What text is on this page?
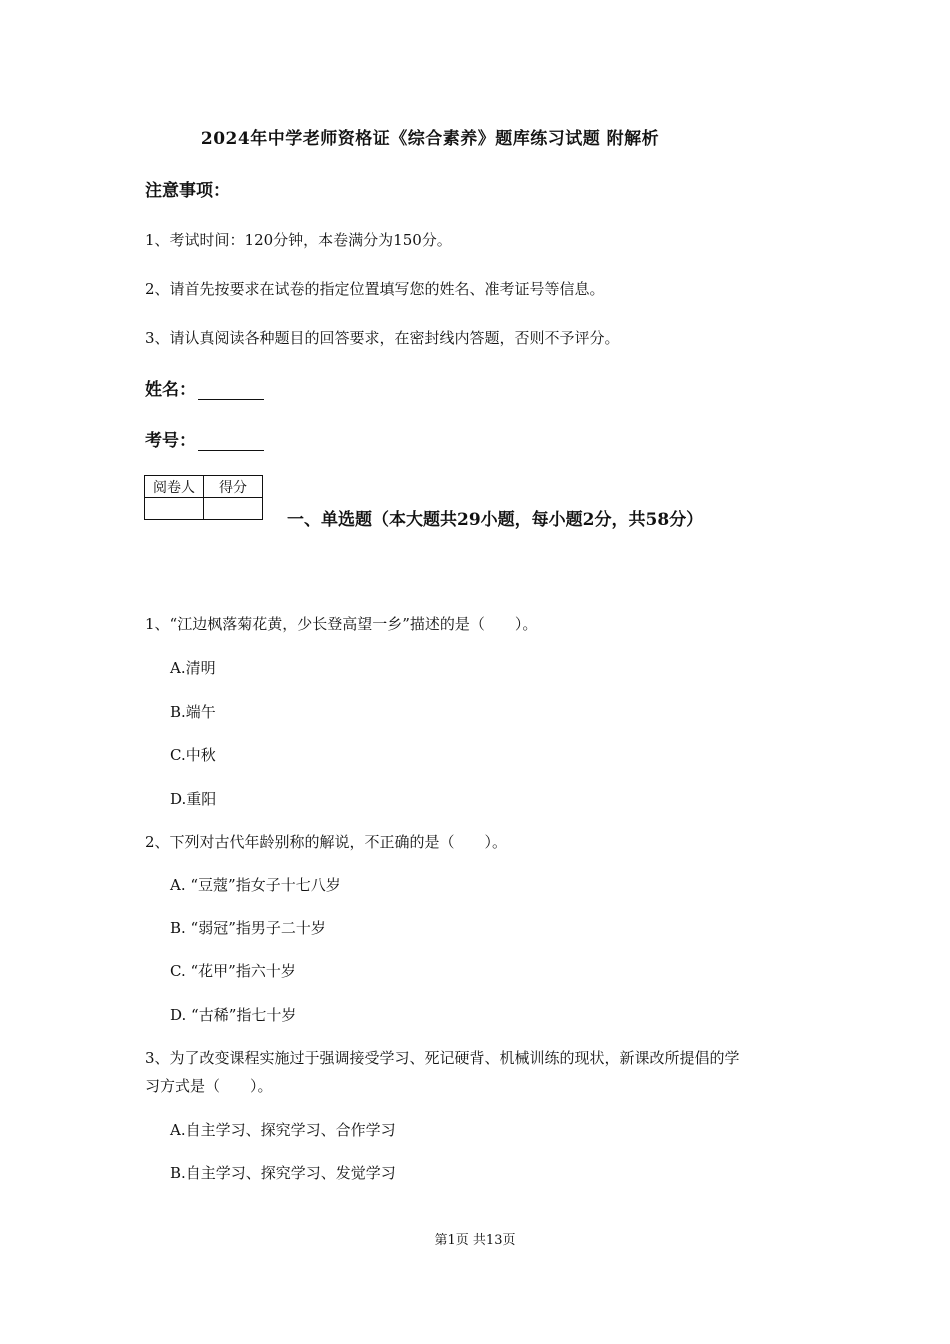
2024年中学老师资格证《综合素养》题库练习试题 附解析
注意事项：
1、考试时间：120分钟，本卷满分为150分。
2、请首先按要求在试卷的指定位置填写您的姓名、准考证号等信息。
3、请认真阅读各种题目的回答要求，在密封线内答题，否则不予评分。
姓名：
考号：
阅卷人	得分

一、单选题（本大题共29小题，每小题2分，共58分）
1、“江边枫落菊花黄，少长登高望一乡”描述的是（　　）。
A.清明
B.端午
C.中秋
D.重阳
2、下列对古代年龄别称的解说，不正确的是（　　）。
A. “豆蔻”指女子十七八岁
B. “弱冠”指男子二十岁
C. “花甲”指六十岁
D. “古稀”指七十岁
3、为了改变课程实施过于强调接受学习、死记硬背、机械训练的现状，新课改所提倡的学
习方式是（　　）。
A.自主学习、探究学习、合作学习
B.自主学习、探究学习、发觉学习
第1页 共13页
